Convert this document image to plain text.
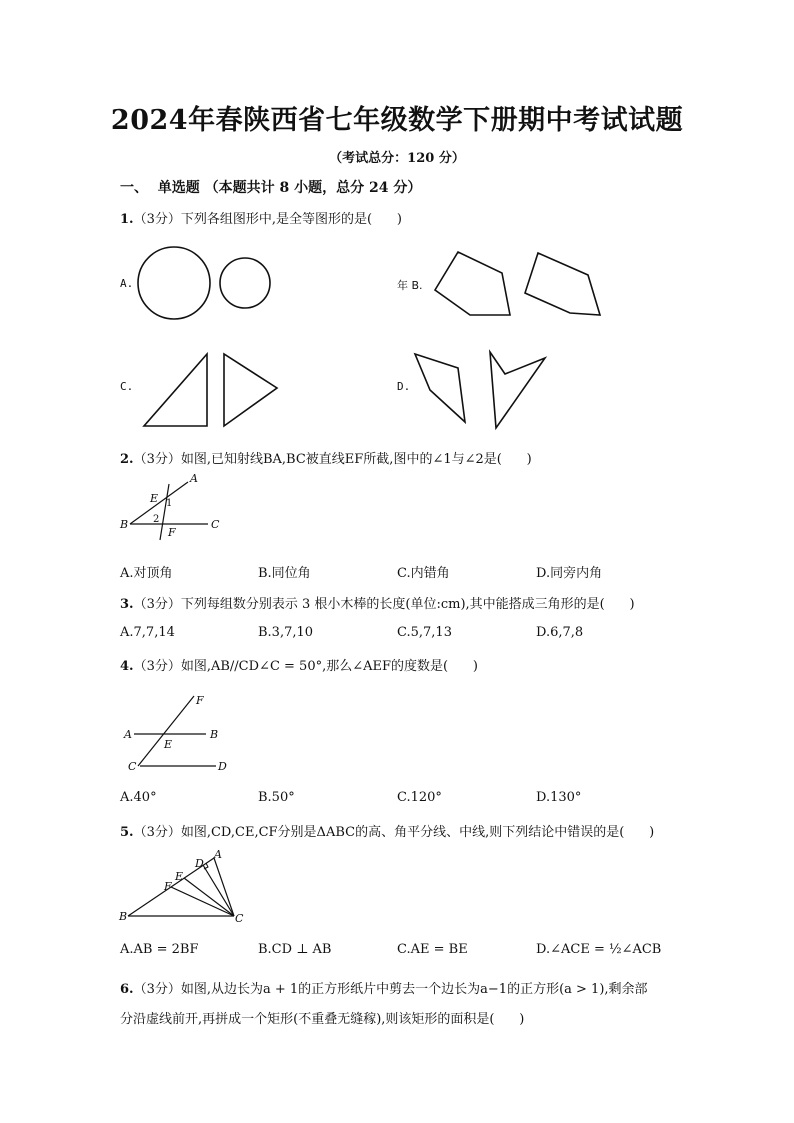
2024年春陕西省七年级数学下册期中考试试题
（考试总分：120 分）
一、  单选题 （本题共计 8 小题，总分 24 分）
1.（3分）下列各组图形中,是全等图形的是(      )
A.	年 B.
C.	D.
2.（3分）如图,已知射线BA,BC被直线EF所截,图中的∠1与∠2是(      )
A
E 1
2
B	C
F
A.对顶角	B.同位角	C.内错角	D.同旁内角
3.（3分）下列每组数分别表示 3 根小木棒的长度(单位:cm),其中能搭成三角形的是(      )
A.7,7,14	B.3,7,10	C.5,7,13	D.6,7,8
4.（3分）如图,AB//CD∠C = 50°,那么∠AEF的度数是(      )
F
A
E
B
C	D
A.40°	B.50°	C.120°	D.130°
5.（3分）如图,CD,CE,CF分别是ΔABC的高、角平分线、中线,则下列结论中错误的是(      )
D
A
E
F
B	C
A.AB = 2BF	B.CD ⊥ AB	C.AE = BE	D.∠ACE = ½∠ACB
6.（3分）如图,从边长为a + 1的正方形纸片中剪去一个边长为a−1的正方形(a > 1),剩余部
分沿虚线前开,再拼成一个矩形(不重叠无缝稼),则该矩形的面积是(      )
